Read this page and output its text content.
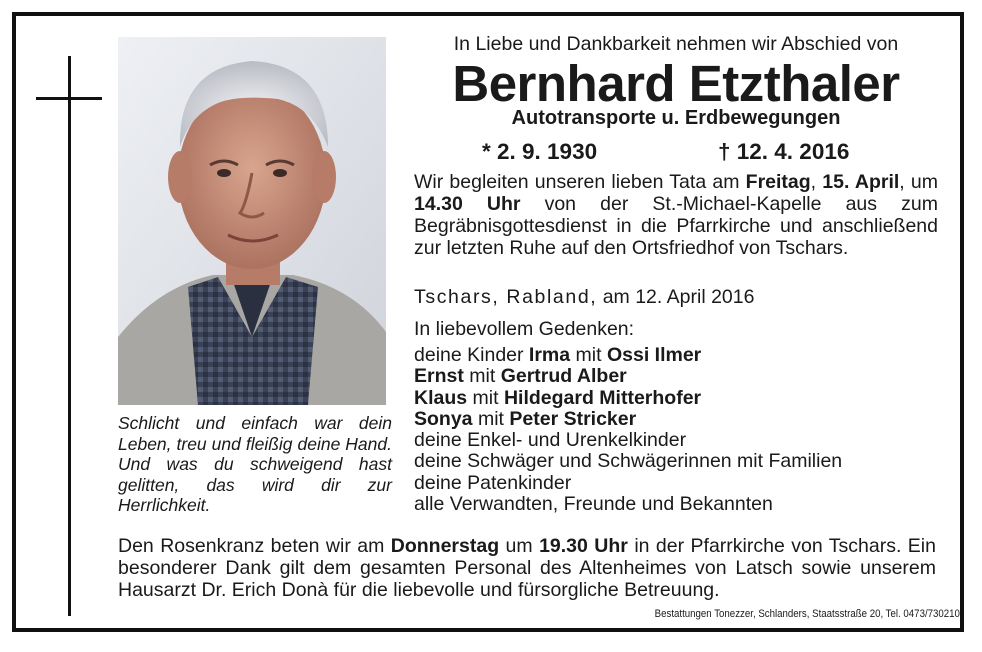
Schlicht und einfach war dein Leben, treu und fleißig deine Hand. Und was du schweigend hast gelitten, das wird dir zur Herrlichkeit.
In Liebe und Dankbarkeit nehmen wir Abschied von
Bernhard Etzthaler
Autotransporte u. Erdbewegungen
* 2. 9. 1930	† 12. 4. 2016
Wir begleiten unseren lieben Tata am Freitag, 15. April, um 14.30 Uhr von der St.-Michael-Kapelle aus zum Begräbnisgottesdienst in die Pfarrkirche und anschließend zur letzten Ruhe auf den Ortsfriedhof von Tschars.
Tschars, Rabland, am 12. April 2016
In liebevollem Gedenken:
deine Kinder Irma mit Ossi Ilmer
Ernst mit Gertrud Alber
Klaus mit Hildegard Mitterhofer
Sonya mit Peter Stricker
deine Enkel- und Urenkelkinder
deine Schwäger und Schwägerinnen mit Familien
deine Patenkinder
alle Verwandten, Freunde und Bekannten
Den Rosenkranz beten wir am Donnerstag um 19.30 Uhr in der Pfarrkirche von Tschars. Ein besonderer Dank gilt dem gesamten Personal des Altenheimes von Latsch sowie unserem Hausarzt Dr. Erich Donà für die liebevolle und fürsorgliche Betreuung.
Bestattungen Tonezzer, Schlanders, Staatsstraße 20, Tel. 0473/730210
